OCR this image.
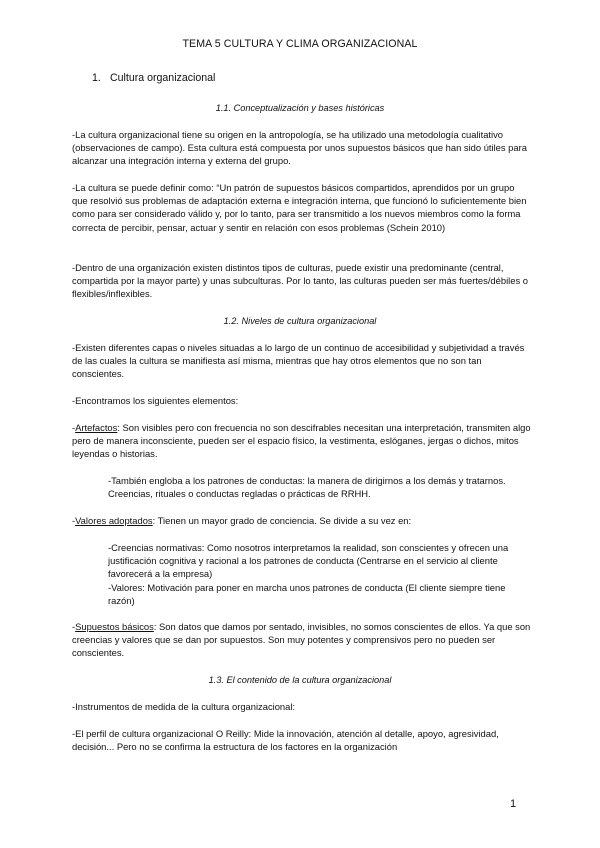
TEMA 5 CULTURA Y CLIMA ORGANIZACIONAL
1. Cultura organizacional
1.1. Conceptualización y bases históricas

-La cultura organizacional tiene su origen en la antropología, se ha utilizado una metodología cualitativo (observaciones de campo). Esta cultura está compuesta por unos supuestos básicos que han sido útiles para alcanzar una integración interna y externa del grupo.

-La cultura se puede definir como: “Un patrón de supuestos básicos compartidos, aprendidos por un grupo que resolvió sus problemas de adaptación externa e integración interna, que funcionó lo suficientemente bien como para ser considerado válido y, por lo tanto, para ser transmitido a los nuevos miembros como la forma correcta de percibir, pensar, actuar y sentir en relación con esos problemas (Schein 2010)

-Dentro de una organización existen distintos tipos de culturas, puede existir una predominante (central, compartida por la mayor parte) y unas subculturas. Por lo tanto, las culturas pueden ser más fuertes/débiles o flexibles/inflexibles.

1.2. Niveles de cultura organizacional

-Existen diferentes capas o niveles situadas a lo largo de un continuo de accesibilidad y subjetividad a través de las cuales la cultura se manifiesta así misma, mientras que hay otros elementos que no son tan conscientes.

-Encontramos los siguientes elementos:

-Artefactos: Son visibles pero con frecuencia no son descifrables necesitan una interpretación, transmiten algo pero de manera inconsciente, pueden ser el espacio físico, la vestimenta, eslóganes, jergas o dichos, mitos leyendas o historias.

-También engloba a los patrones de conductas: la manera de dirigirnos a los demás y tratarnos. Creencias, rituales o conductas regladas o prácticas de RRHH.

-Valores adoptados: Tienen un mayor grado de conciencia. Se divide a su vez en:

-Creencias normativas: Como nosotros interpretamos la realidad, son conscientes y ofrecen una justificación cognitiva y racional a los patrones de conducta (Centrarse en el servicio al cliente favorecerá a la empresa)

-Valores: Motivación para poner en marcha unos patrones de conducta (El cliente siempre tiene razón)

-Supuestos básicos: Son datos que damos por sentado, invisibles, no somos conscientes de ellos. Ya que son creencias y valores que se dan por supuestos. Son muy potentes y comprensivos pero no pueden ser conscientes.

1.3. El contenido de la cultura organizacional

-Instrumentos de medida de la cultura organizacional:

-El perfil de cultura organizacional O Reilly: Mide la innovación, atención al detalle, apoyo, agresividad, decisión... Pero no se confirma la estructura de los factores en la organización

1
